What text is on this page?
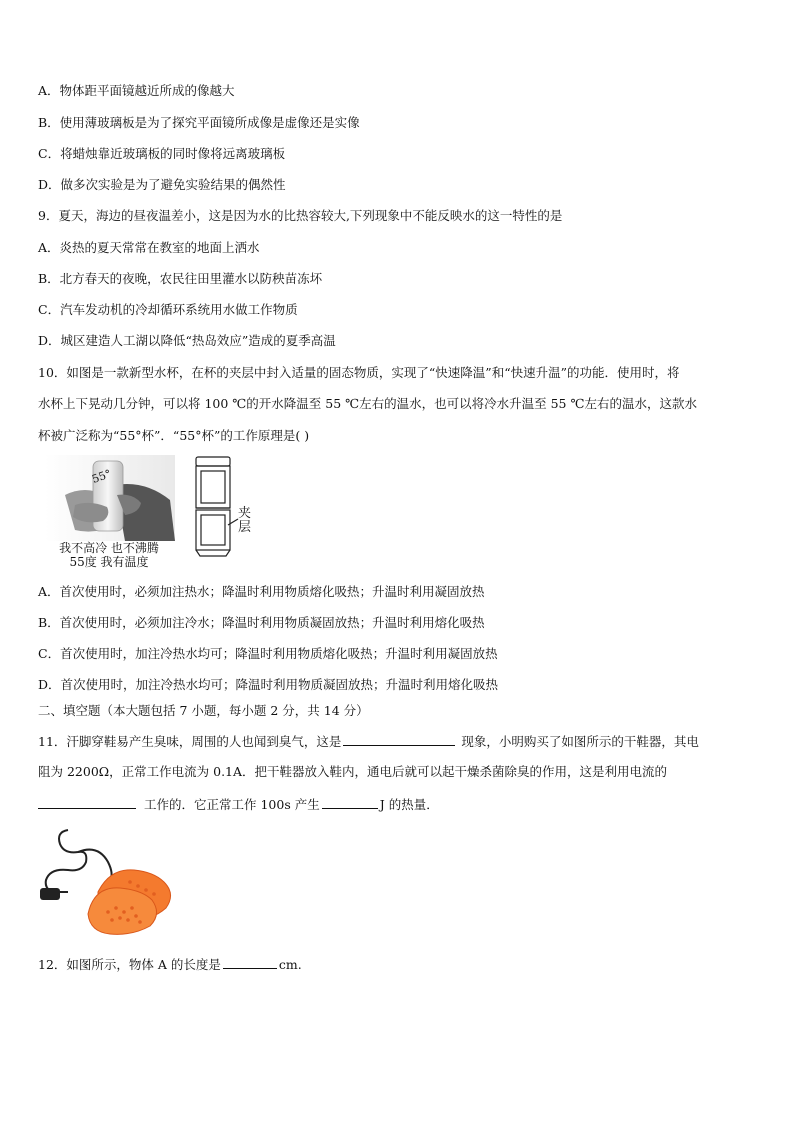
A．物体距平面镜越近所成的像越大
B．使用薄玻璃板是为了探究平面镜所成像是虚像还是实像
C．将蜡烛靠近玻璃板的同时像将远离玻璃板
D．做多次实验是为了避免实验结果的偶然性
9．夏天，海边的昼夜温差小，这是因为水的比热容较大,下列现象中不能反映水的这一特性的是
A．炎热的夏天常常在教室的地面上洒水
B．北方春天的夜晚，农民往田里灌水以防秧苗冻坏
C．汽车发动机的冷却循环系统用水做工作物质
D．城区建造人工湖以降低“热岛效应”造成的夏季高温
10．如图是一款新型水杯，在杯的夹层中封入适量的固态物质，实现了“快速降温”和“快速升温”的功能．使用时，将
水杯上下晃动几分钟，可以将 100 ℃的开水降温至 55 ℃左右的温水，也可以将冷水升温至 55 ℃左右的温水，这款水
杯被广泛称为“55°杯”．“55°杯”的工作原理是( )
55°
我不高冷 也不沸腾
55度 我有温度
夹
层
A．首次使用时，必须加注热水；降温时利用物质熔化吸热；升温时利用凝固放热
B．首次使用时，必须加注冷水；降温时利用物质凝固放热；升温时利用熔化吸热
C．首次使用时，加注冷热水均可；降温时利用物质熔化吸热；升温时利用凝固放热
D．首次使用时，加注冷热水均可；降温时利用物质凝固放热；升温时利用熔化吸热
二、填空题（本大题包括 7 小题，每小题 2 分，共 14 分）
11．汗脚穿鞋易产生臭味，周围的人也闻到臭气，这是	现象，小明购买了如图所示的干鞋器，其电
阻为 2200Ω，正常工作电流为 0.1A．把干鞋器放入鞋内，通电后就可以起干燥杀菌除臭的作用，这是利用电流的
工作的．它正常工作 100s 产生	J 的热量．
12．如图所示，物体 A 的长度是	cm.
